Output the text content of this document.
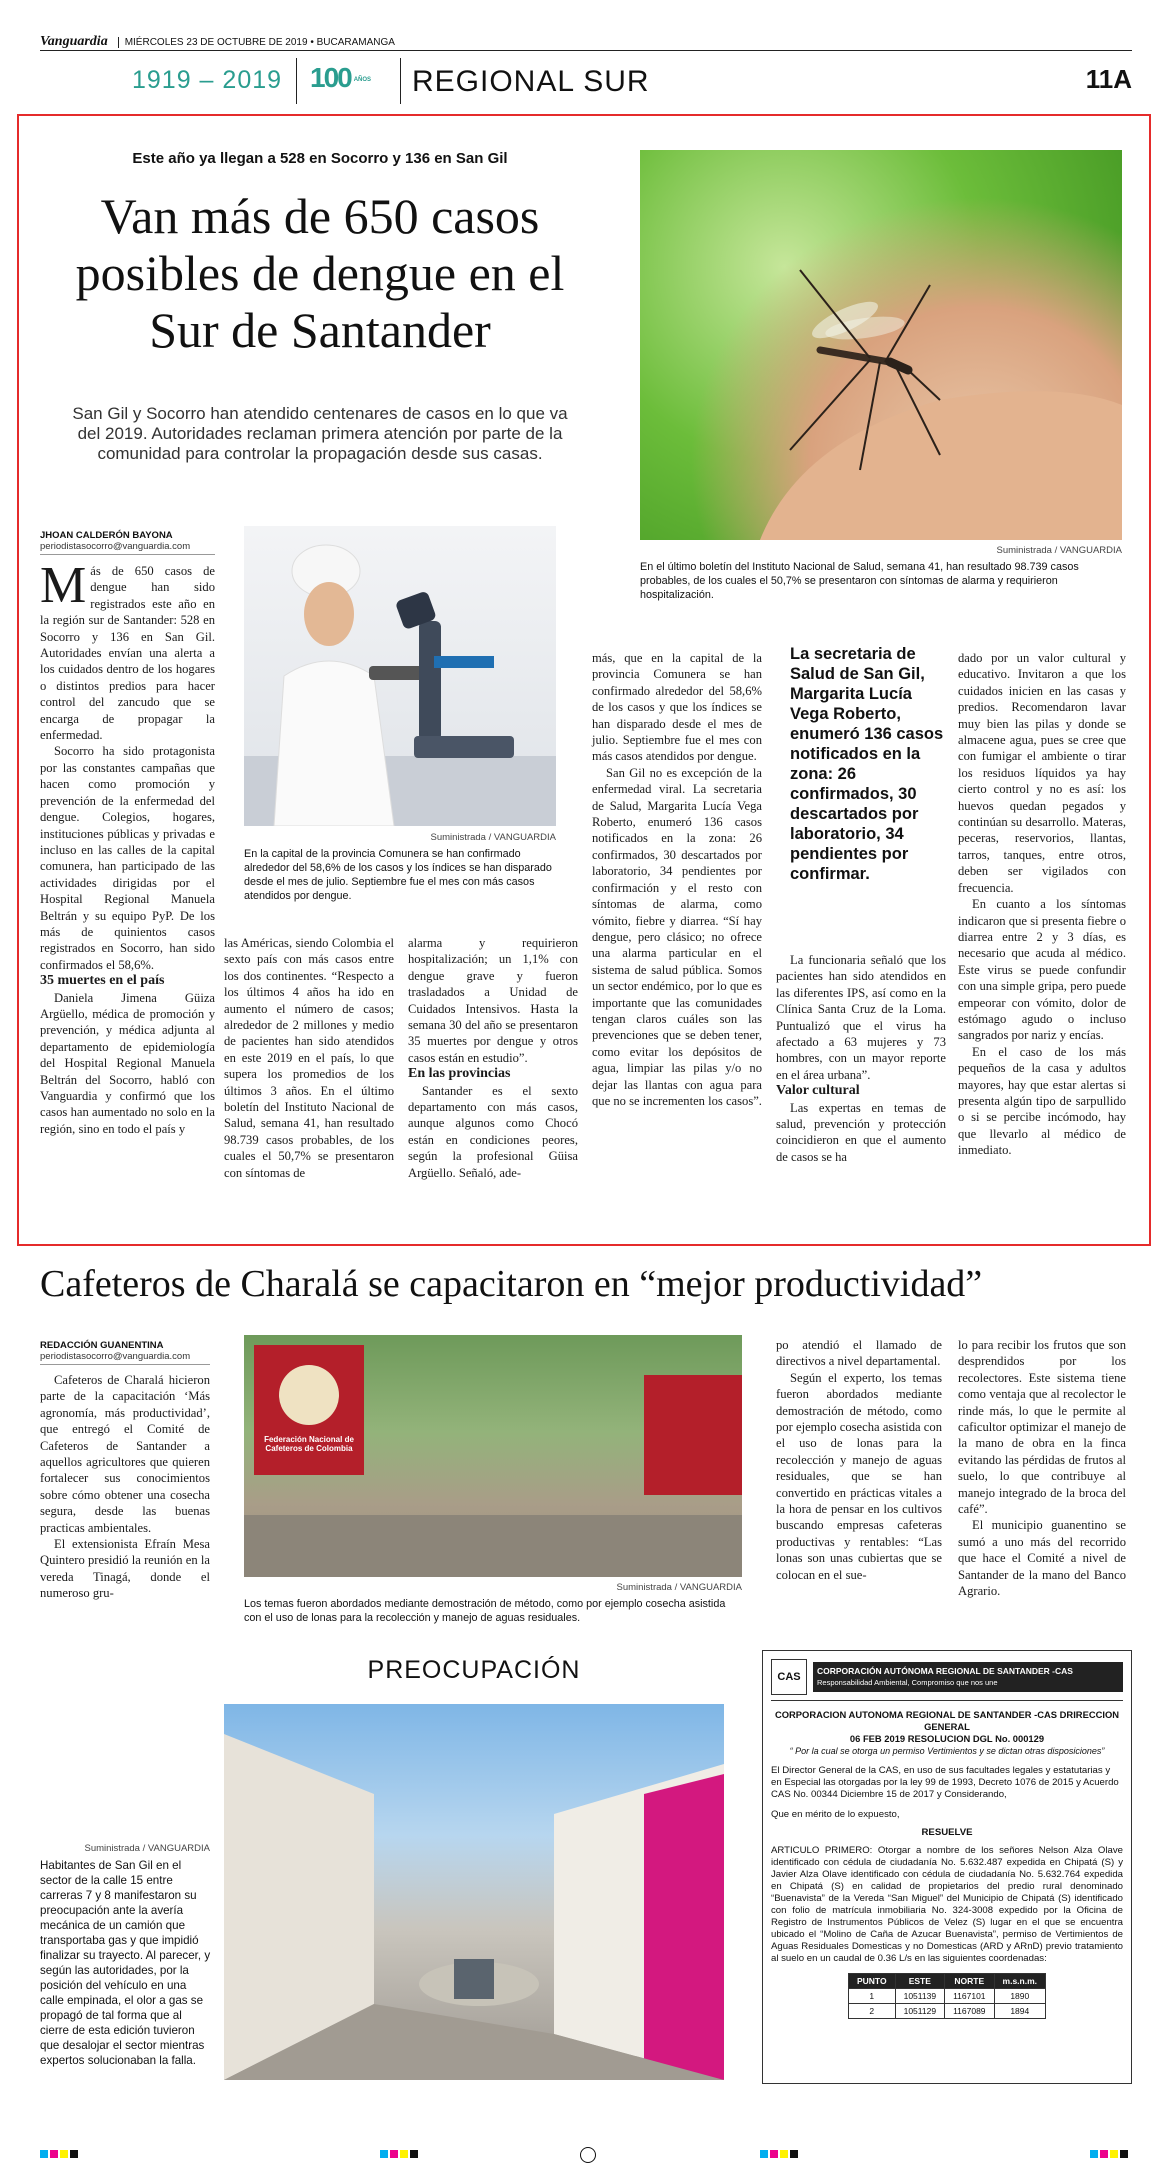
Vanguardia MIÉRCOLES 23 DE OCTUBRE DE 2019 • BUCARAMANGA
1919 – 2019 100 AÑOS REGIONAL SUR	11A
Este año ya llegan a 528 en Socorro y 136 en San Gil
Van más de 650 casos posibles de dengue en el Sur de Santander
San Gil y Socorro han atendido centenares de casos en lo que va del 2019. Autoridades reclaman primera atención por parte de la comunidad para controlar la propagación desde sus casas.
Suministrada / VANGUARDIA
En el último boletín del Instituto Nacional de Salud, semana 41, han resultado 98.739 casos probables, de los cuales el 50,7% se presentaron con síntomas de alarma y requirieron hospitalización.
JHOAN CALDERÓN BAYONA
periodistasocorro@vanguardia.com

Más de 650 casos de dengue han sido registrados este año en la región sur de Santander: 528 en Socorro y 136 en San Gil. Autoridades envían una alerta a los cuidados dentro de los hogares o distintos predios para hacer control del zancudo que se encarga de propagar la enfermedad.

Socorro ha sido protagonista por las constantes campañas que hacen como promoción y prevención de la enfermedad del dengue. Colegios, hogares, instituciones públicas y privadas e incluso en las calles de la capital comunera, han participado de las actividades dirigidas por el Hospital Regional Manuela Beltrán y su equipo PyP. De los más de quinientos casos registrados en Socorro, han sido confirmados el 58,6%.

35 muertes en el país

Daniela Jimena Güiza Argüello, médica de promoción y prevención, y médica adjunta al departamento de epidemiología del Hospital Regional Manuela Beltrán del Socorro, habló con Vanguardia y confirmó que los casos han aumentado no solo en la región, sino en todo el país y

Suministrada / VANGUARDIA
En la capital de la provincia Comunera se han confirmado alrededor del 58,6% de los casos y los índices se han disparado desde el mes de julio. Septiembre fue el mes con más casos atendidos por dengue.

las Américas, siendo Colombia el sexto país con más casos entre los dos continentes. “Respecto a los últimos 4 años ha ido en aumento el número de casos; alrededor de 2 millones y medio de pacientes han sido atendidos en este 2019 en el país, lo que supera los promedios de los últimos 3 años. En el último boletín del Instituto Nacional de Salud, semana 41, han resultado 98.739 casos probables, de los cuales el 50,7% se presentaron con síntomas de

alarma y requirieron hospitalización; un 1,1% con dengue grave y fueron trasladados a Unidad de Cuidados Intensivos. Hasta la semana 30 del año se presentaron 35 muertes por dengue y otros casos están en estudio”.

En las provincias

Santander es el sexto departamento con más casos, aunque algunos como Chocó están en condiciones peores, según la profesional Güisa Argüello. Señaló, ade-

más, que en la capital de la provincia Comunera se han confirmado alrededor del 58,6% de los casos y que los índices se han disparado desde el mes de julio. Septiembre fue el mes con más casos atendidos por dengue.

San Gil no es excepción de la enfermedad viral. La secretaria de Salud, Margarita Lucía Vega Roberto, enumeró 136 casos notificados en la zona: 26 confirmados, 30 descartados por laboratorio, 34 pendientes por confirmación y el resto con síntomas de alarma, como vómito, fiebre y diarrea. “Sí hay dengue, pero clásico; no ofrece una alarma particular en el sistema de salud pública. Somos un sector endémico, por lo que es importante que las comunidades tengan claros cuáles son las prevenciones que se deben tener, como evitar los depósitos de agua, limpiar las pilas y/o no dejar las llantas con agua para que no se incrementen los casos”.

La secretaria de Salud de San Gil, Margarita Lucía Vega Roberto, enumeró 136 casos notificados en la zona: 26 confirmados, 30 descartados por laboratorio, 34 pendientes por confirmar.

La funcionaria señaló que los pacientes han sido atendidos en las diferentes IPS, así como en la Clínica Santa Cruz de la Loma. Puntualizó que el virus ha afectado a 63 mujeres y 73 hombres, con un mayor reporte en el área urbana”.

Valor cultural

Las expertas en temas de salud, prevención y protección coincidieron en que el aumento de casos se ha

dado por un valor cultural y educativo. Invitaron a que los cuidados inicien en las casas y predios. Recomendaron lavar muy bien las pilas y donde se almacene agua, pues se cree que con fumigar el ambiente o tirar los residuos líquidos ya hay cierto control y no es así: los huevos quedan pegados y continúan su desarrollo. Materas, peceras, reservorios, llantas, tarros, tanques, entre otros, deben ser vigilados con frecuencia.

En cuanto a los síntomas indicaron que si presenta fiebre o diarrea entre 2 y 3 días, es necesario que acuda al médico. Este virus se puede confundir con una simple gripa, pero puede empeorar con vómito, dolor de estómago agudo o incluso sangrados por nariz y encías.

En el caso de los más pequeños de la casa y adultos mayores, hay que estar alertas si presenta algún tipo de sarpullido o si se percibe incómodo, hay que llevarlo al médico de inmediato.

Cafeteros de Charalá se capacitaron en “mejor productividad”
REDACCIÓN GUANENTINA
periodistasocorro@vanguardia.com

Cafeteros de Charalá hicieron parte de la capacitación ‘Más agronomía, más productividad’, que entregó el Comité de Cafeteros de Santander a aquellos agricultores que quieren fortalecer sus conocimientos sobre cómo obtener una cosecha segura, desde las buenas practicas ambientales.

El extensionista Efraín Mesa Quintero presidió la reunión en la vereda Tinagá, donde el numeroso gru-

Federación Nacional de Cafeteros de Colombia
Suministrada / VANGUARDIA
Los temas fueron abordados mediante demostración de método, como por ejemplo cosecha asistida con el uso de lonas para la recolección y manejo de aguas residuales.

po atendió el llamado de directivos a nivel departamental.

Según el experto, los temas fueron abordados mediante demostración de método, como por ejemplo cosecha asistida con el uso de lonas para la recolección y manejo de aguas residuales, que se han convertido en prácticas vitales a la hora de pensar en los cultivos buscando empresas cafeteras productivas y rentables: “Las lonas son unas cubiertas que se colocan en el sue-

lo para recibir los frutos que son desprendidos por los recolectores. Este sistema tiene como ventaja que al recolector le rinde más, lo que le permite al caficultor optimizar el manejo de la mano de obra en la finca evitando las pérdidas de frutos al suelo, lo que contribuye al manejo integrado de la broca del café”.

El municipio guanentino se sumó a uno más del recorrido que hace el Comité a nivel de Santander de la mano del Banco Agrario.

PREOCUPACIÓN
Suministrada / VANGUARDIA
Habitantes de San Gil en el sector de la calle 15 entre carreras 7 y 8 manifestaron su preocupación ante la avería mecánica de un camión que transportaba gas y que impidió finalizar su trayecto. Al parecer, y según las autoridades, por la posición del vehículo en una calle empinada, el olor a gas se propagó de tal forma que al cierre de esta edición tuvieron que desalojar el sector mientras expertos solucionaban la falla.
CAS	CORPORACIÓN AUTÓNOMA REGIONAL DE SANTANDER -CAS
Responsabilidad Ambiental, Compromiso que nos une
CORPORACION AUTONOMA REGIONAL DE SANTANDER -CAS DRIRECCION GENERAL
06 FEB 2019 RESOLUCION DGL No. 000129
“ Por la cual se otorga un permiso Vertimientos y se dictan otras disposiciones”
El Director General de la CAS, en uso de sus facultades legales y estatutarias y en Especial las otorgadas por la ley 99 de 1993, Decreto 1076 de 2015 y Acuerdo CAS No. 00344 Diciembre 15 de 2017 y Considerando,
Que en mérito de lo expuesto,
RESUELVE
ARTICULO PRIMERO: Otorgar a nombre de los señores Nelson Alza Olave identificado con cédula de ciudadanía No. 5.632.487 expedida en Chipatá (S) y Javier Alza Olave identificado con cédula de ciudadanía No. 5.632.764 expedida en Chipatá (S) en calidad de propietarios del predio rural denominado “Buenavista” de la Vereda “San Miguel” del Municipio de Chipatá (S) identificado con folio de matrícula inmobiliaria No. 324-3008 expedido por la Oficina de Registro de Instrumentos Públicos de Velez (S) lugar en el que se encuentra ubicado el “Molino de Caña de Azucar Buenavista”, permiso de Vertimientos de Aguas Residuales Domesticas y no Domesticas (ARD y ARnD) previo tratamiento al suelo en un caudal de 0.36 L/s en las siguientes coordenadas:
PUNTO	ESTE	NORTE	m.s.n.m.
1	1051139	1167101	1890
2	1051129	1167089	1894
